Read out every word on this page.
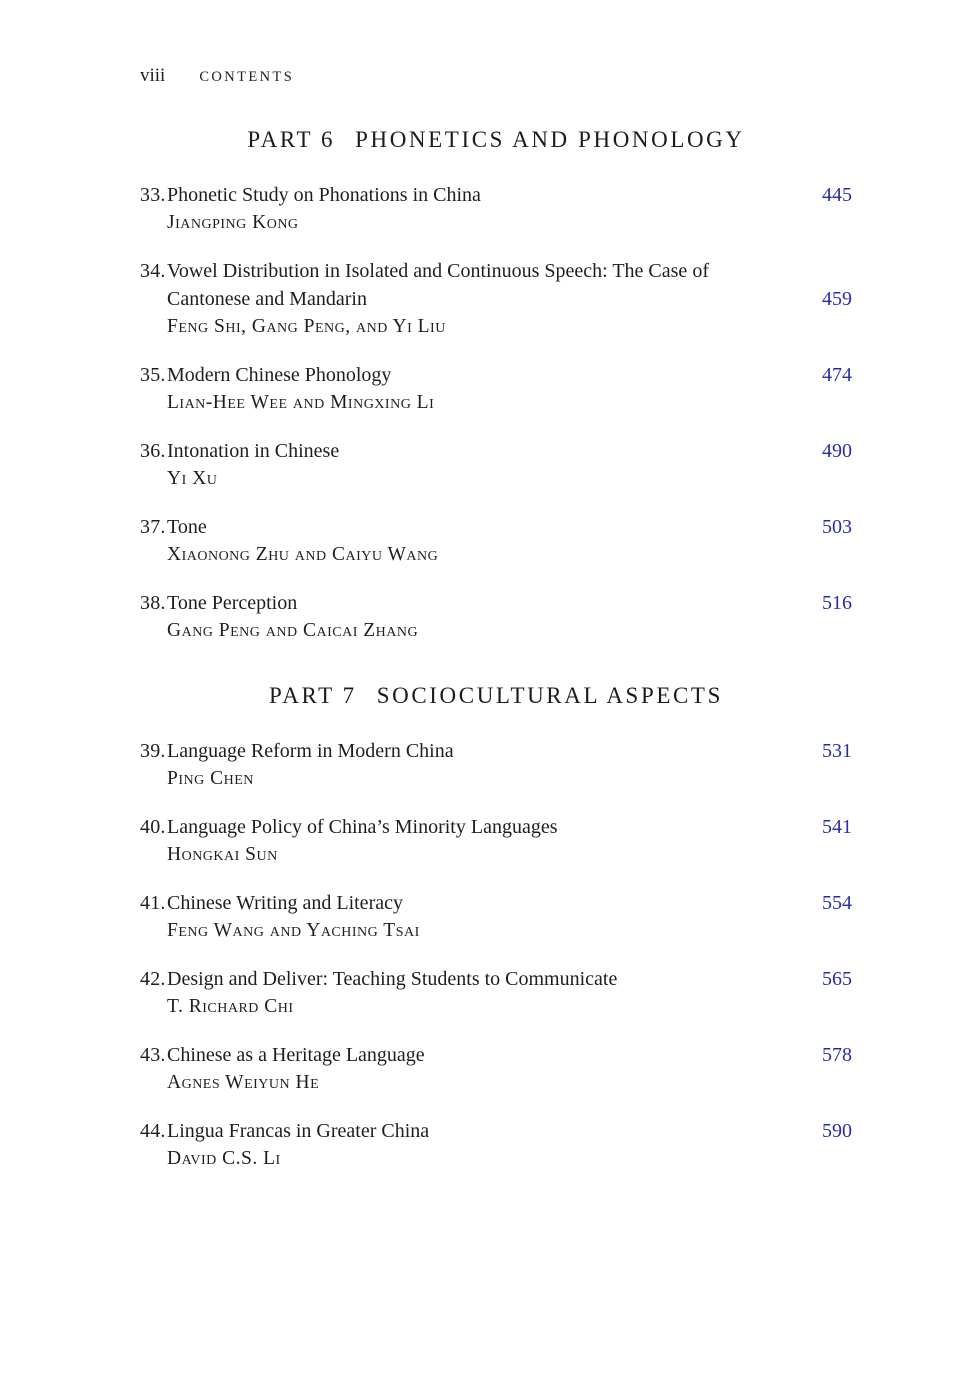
viii CONTENTS
PART 6 PHONETICS AND PHONOLOGY
33. Phonetic Study on Phonations in China	445
Jiangping Kong
34. Vowel Distribution in Isolated and Continuous Speech: The Case of Cantonese and Mandarin	459
Feng Shi, Gang Peng, and Yi Liu
35. Modern Chinese Phonology	474
Lian-Hee Wee and Mingxing Li
36. Intonation in Chinese	490
Yi Xu
37. Tone	503
Xiaonong Zhu and Caiyu Wang
38. Tone Perception	516
Gang Peng and Caicai Zhang
PART 7 SOCIOCULTURAL ASPECTS
39. Language Reform in Modern China	531
Ping Chen
40. Language Policy of China’s Minority Languages	541
Hongkai Sun
41. Chinese Writing and Literacy	554
Feng Wang and Yaching Tsai
42. Design and Deliver: Teaching Students to Communicate	565
T. Richard Chi
43. Chinese as a Heritage Language	578
Agnes Weiyun He
44. Lingua Francas in Greater China	590
David C.S. Li
